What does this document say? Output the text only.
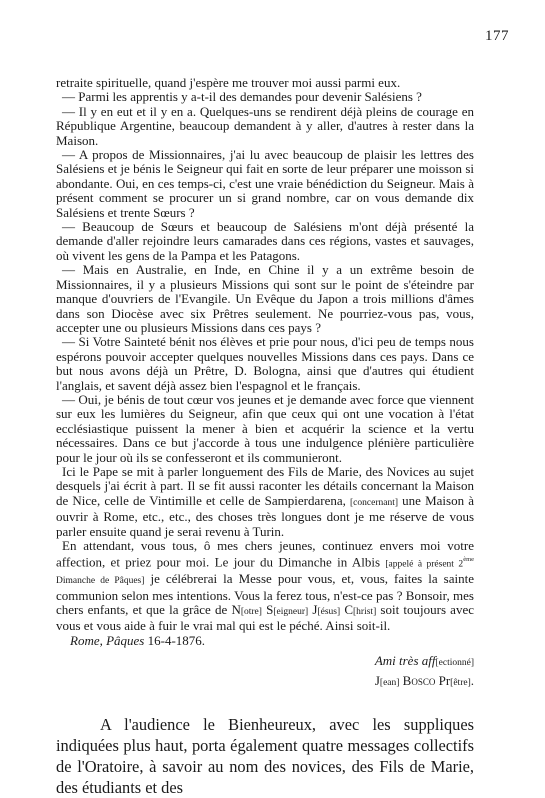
177

retraite spirituelle, quand j'espère me trouver moi aussi parmi eux.

— Parmi les apprentis y a-t-il des demandes pour devenir Salésiens ?

— Il y en eut et il y en a. Quelques-uns se rendirent déjà pleins de courage en République Argentine, beaucoup demandent à y aller, d'autres à rester dans la Maison.

— A propos de Missionnaires, j'ai lu avec beaucoup de plaisir les lettres des Salésiens et je bénis le Seigneur qui fait en sorte de leur préparer une moisson si abondante. Oui, en ces temps-ci, c'est une vraie bénédiction du Seigneur. Mais à présent comment se procurer un si grand nombre, car on vous demande dix Salésiens et trente Sœurs ?

— Beaucoup de Sœurs et beaucoup de Salésiens m'ont déjà présenté la demande d'aller rejoindre leurs camarades dans ces régions, vastes et sauvages, où vivent les gens de la Pampa et les Patagons.

— Mais en Australie, en Inde, en Chine il y a un extrême besoin de Missionnaires, il y a plusieurs Missions qui sont sur le point de s'éteindre par manque d'ouvriers de l'Evangile. Un Evêque du Japon a trois millions d'âmes dans son Diocèse avec six Prêtres seulement. Ne pourriez-vous pas, vous, accepter une ou plusieurs Missions dans ces pays ?

— Si Votre Sainteté bénit nos élèves et prie pour nous, d'ici peu de temps nous espérons pouvoir accepter quelques nouvelles Missions dans ces pays. Dans ce but nous avons déjà un Prêtre, D. Bologna, ainsi que d'autres qui étudient l'anglais, et savent déjà assez bien l'espagnol et le français.

— Oui, je bénis de tout cœur vos jeunes et je demande avec force que viennent sur eux les lumières du Seigneur, afin que ceux qui ont une vocation à l'état ecclésiastique puissent la mener à bien et acquérir la science et la vertu nécessaires. Dans ce but j'accorde à tous une indulgence plénière particulière pour le jour où ils se confesseront et ils communieront.

Ici le Pape se mit à parler longuement des Fils de Marie, des Novices au sujet desquels j'ai écrit à part. Il se fit aussi raconter les détails concernant la Maison de Nice, celle de Vintimille et celle de Sampierdarena, [concernant] une Maison à ouvrir à Rome, etc., etc., des choses très longues dont je me réserve de vous parler ensuite quand je serai revenu à Turin.

En attendant, vous tous, ô mes chers jeunes, continuez envers moi votre affection, et priez pour moi. Le jour du Dimanche in Albis [appelé à présent 2ème Dimanche de Pâques] je célébrerai la Messe pour vous, et, vous, faites la sainte communion selon mes intentions. Vous la ferez tous, n'est-ce pas ? Bonsoir, mes chers enfants, et que la grâce de N[otre] S[eigneur] J[ésus] C[hrist] soit toujours avec vous et vous aide à fuir le vrai mal qui est le péché. Ainsi soit-il.

Rome, Pâques 16-4-1876.

Ami très aff[ectionné]
J[ean] Bosco Pr[être].

A l'audience le Bienheureux, avec les suppliques indiquées plus haut, porta également quatre messages collectifs de l'Oratoire, à savoir au nom des novices, des Fils de Marie, des étudiants et des
